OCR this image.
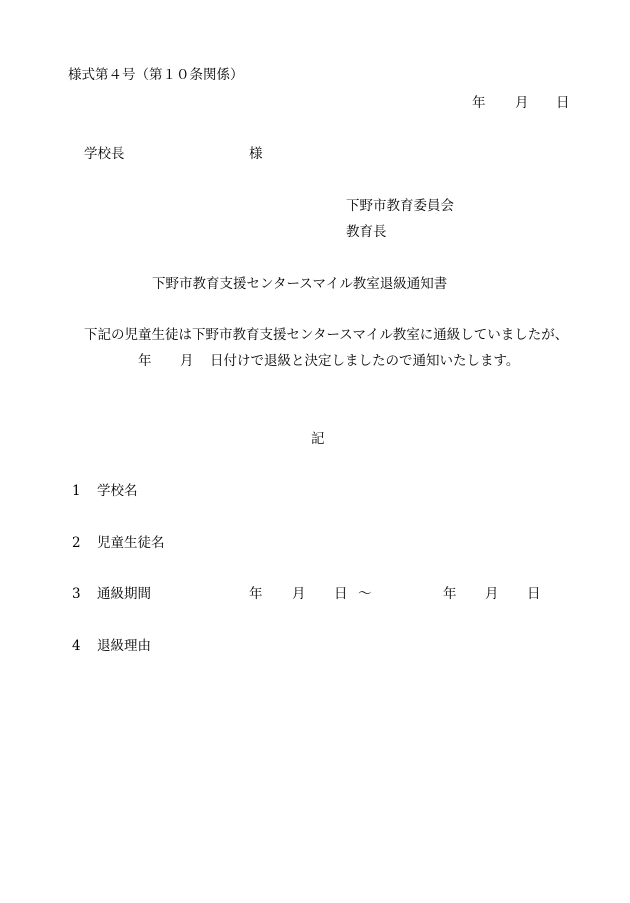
様式第４号（第１０条関係）
年 月 日
学校長	様
下野市教育委員会
教育長
下野市教育支援センタースマイル教室退級通知書
下記の児童生徒は下野市教育支援センタースマイル教室に通級していましたが、
年 月 日付けで退級と決定しましたので通知いたします。
記
1 学校名
2 児童生徒名
3 通級期間	年 月 日 ～	年 月 日
4 退級理由
